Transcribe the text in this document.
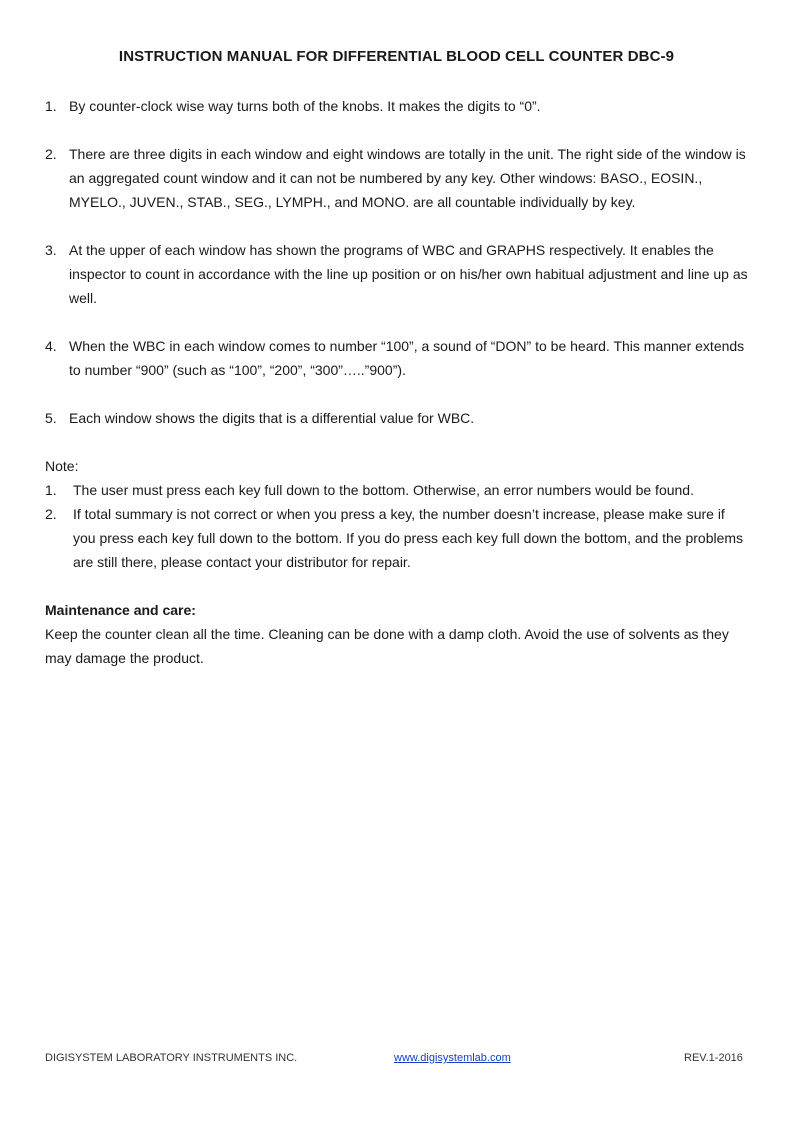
INSTRUCTION MANUAL FOR DIFFERENTIAL BLOOD CELL COUNTER DBC-9
1. By counter-clock wise way turns both of the knobs. It makes the digits to “0”.
2. There are three digits in each window and eight windows are totally in the unit. The right side of the window is an aggregated count window and it can not be numbered by any key. Other windows: BASO., EOSIN., MYELO., JUVEN., STAB., SEG., LYMPH., and MONO. are all countable individually by key.
3. At the upper of each window has shown the programs of WBC and GRAPHS respectively. It enables the inspector to count in accordance with the line up position or on his/her own habitual adjustment and line up as well.
4. When the WBC in each window comes to number “100”, a sound of “DON” to be heard. This manner extends to number “900” (such as “100”, “200”, “300”…..”900”).
5. Each window shows the digits that is a differential value for WBC.
Note:
1.	The user must press each key full down to the bottom. Otherwise, an error numbers would be found.
2.	If total summary is not correct or when you press a key, the number doesn’t increase, please make sure if you press each key full down to the bottom. If you do press each key full down the bottom, and the problems are still there, please contact your distributor for repair.
Maintenance and care:
Keep the counter clean all the time. Cleaning can be done with a damp cloth. Avoid the use of solvents as they may damage the product.
DIGISYSTEM LABORATORY INSTRUMENTS INC.	www.digisystemlab.com	REV.1-2016
